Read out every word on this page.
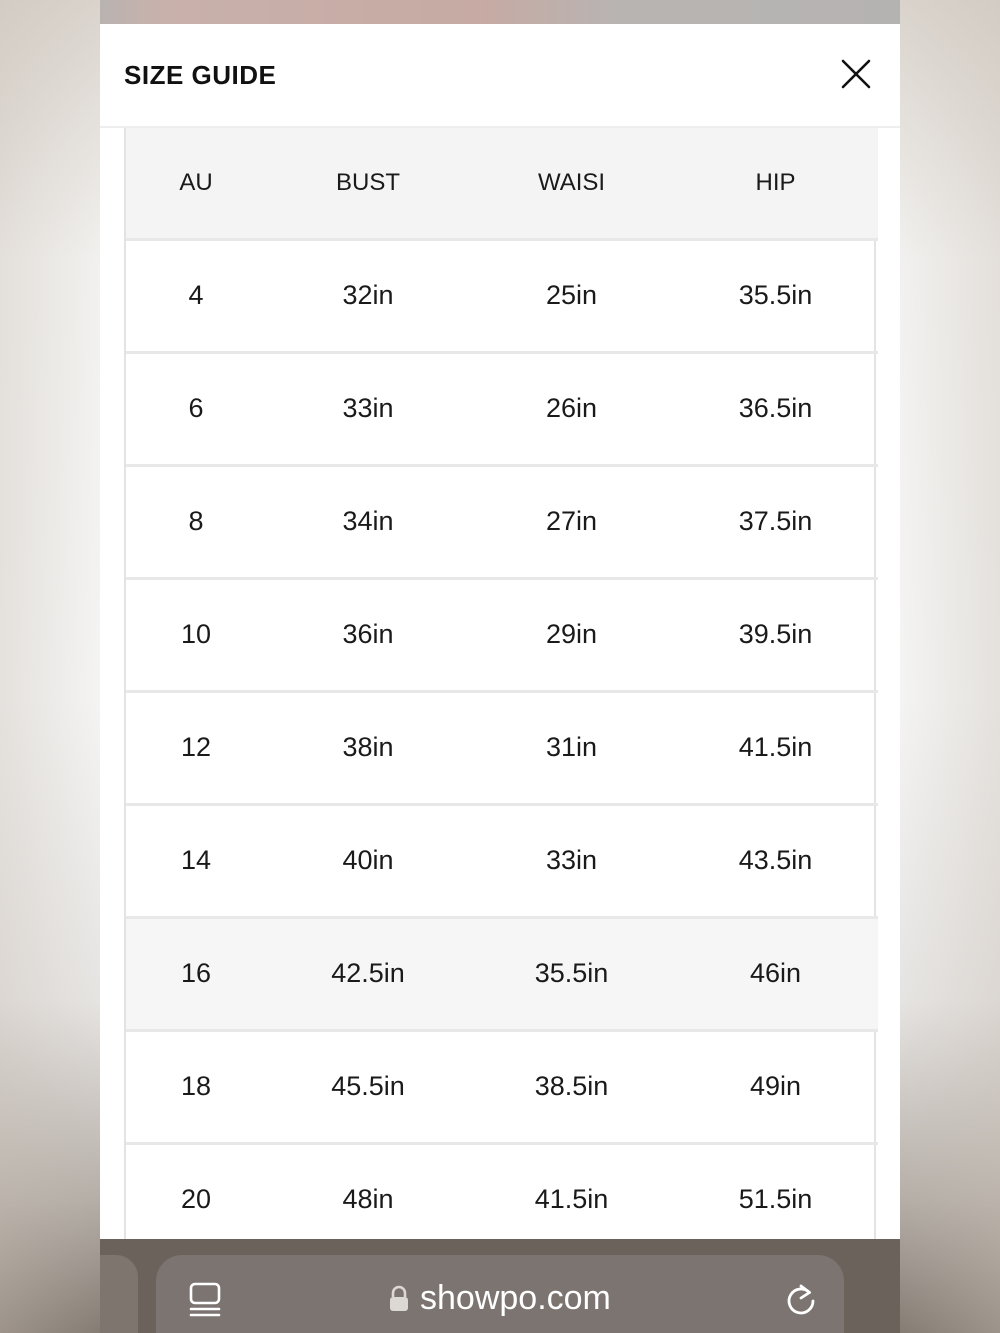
SIZE GUIDE
AU	BUST	WAISI	HIP
4	32in	25in	35.5in
6	33in	26in	36.5in
8	34in	27in	37.5in
10	36in	29in	39.5in
12	38in	31in	41.5in
14	40in	33in	43.5in
16	42.5in	35.5in	46in
18	45.5in	38.5in	49in
20	48in	41.5in	51.5in
showpo.com
